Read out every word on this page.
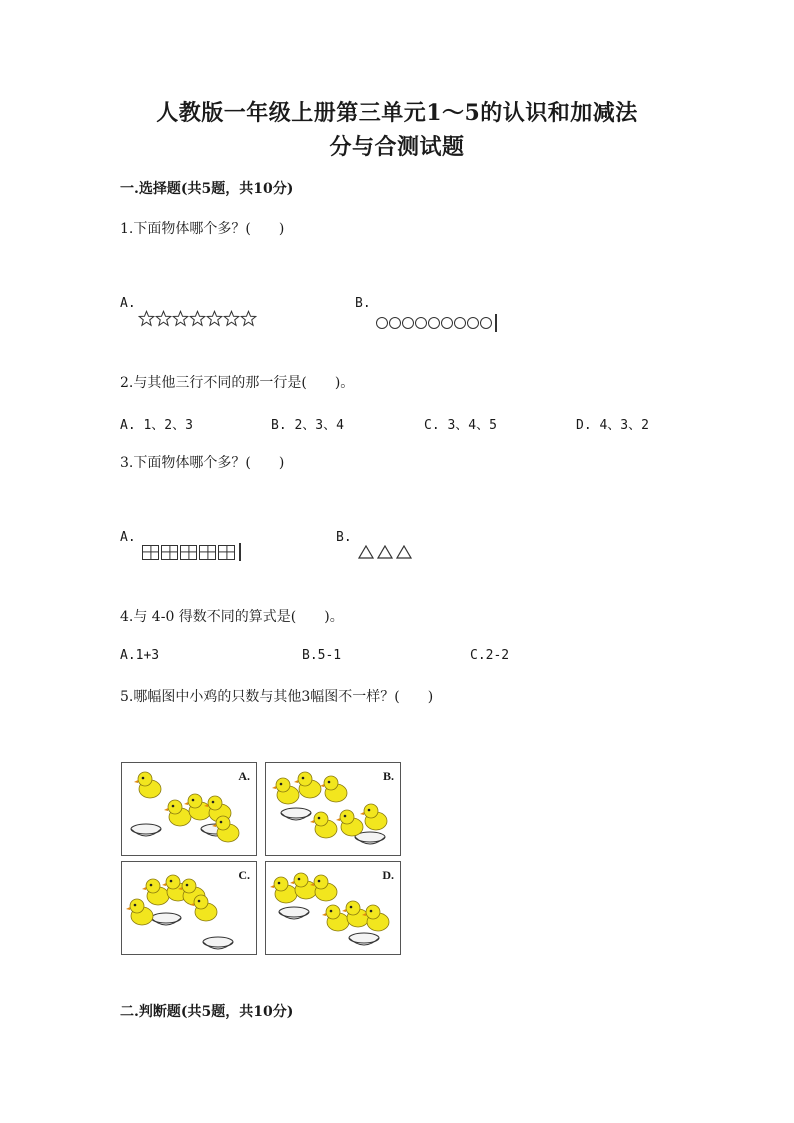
人教版一年级上册第三单元1～5的认识和加减法
分与合测试题
一.选择题(共5题，共10分)
1.下面物体哪个多？(　　)
A.	B.
2.与其他三行不同的那一行是(　　)。
A. 1、2、3	B. 2、3、4	C. 3、4、5	D. 4、3、2
3.下面物体哪个多？(　　)
A.	B.
4.与 4-0 得数不同的算式是(　　)。
A.1+3	B.5-1	C.2-2
5.哪幅图中小鸡的只数与其他3幅图不一样？(　　)
A.	B.
C.	D.
二.判断题(共5题，共10分)
